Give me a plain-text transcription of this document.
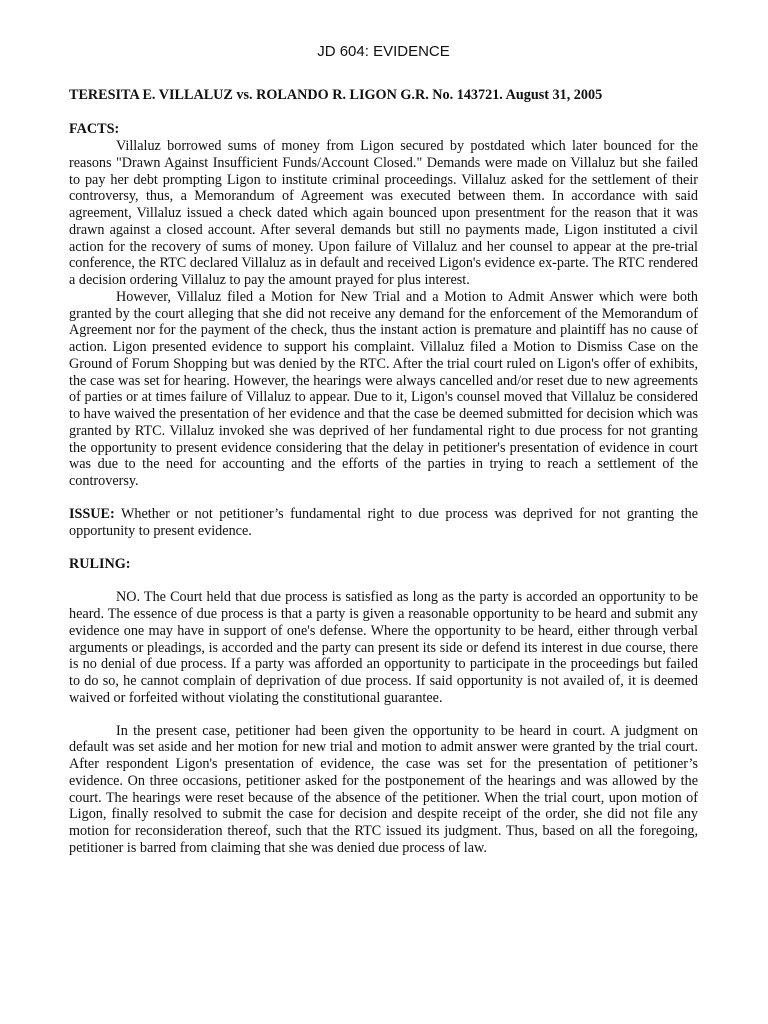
JD 604: EVIDENCE
TERESITA E. VILLALUZ vs. ROLANDO R. LIGON G.R. No. 143721. August 31, 2005
FACTS:

Villaluz borrowed sums of money from Ligon secured by postdated which later bounced for the reasons "Drawn Against Insufficient Funds/Account Closed." Demands were made on Villaluz but she failed to pay her debt prompting Ligon to institute criminal proceedings. Villaluz asked for the settlement of their controversy, thus, a Memorandum of Agreement was executed between them. In accordance with said agreement, Villaluz issued a check dated which again bounced upon presentment for the reason that it was drawn against a closed account. After several demands but still no payments made, Ligon instituted a civil action for the recovery of sums of money. Upon failure of Villaluz and her counsel to appear at the pre-trial conference, the RTC declared Villaluz as in default and received Ligon's evidence ex-parte. The RTC rendered a decision ordering Villaluz to pay the amount prayed for plus interest.

However, Villaluz filed a Motion for New Trial and a Motion to Admit Answer which were both granted by the court alleging that she did not receive any demand for the enforcement of the Memorandum of Agreement nor for the payment of the check, thus the instant action is premature and plaintiff has no cause of action. Ligon presented evidence to support his complaint. Villaluz filed a Motion to Dismiss Case on the Ground of Forum Shopping but was denied by the RTC. After the trial court ruled on Ligon's offer of exhibits, the case was set for hearing. However, the hearings were always cancelled and/or reset due to new agreements of parties or at times failure of Villaluz to appear. Due to it, Ligon's counsel moved that Villaluz be considered to have waived the presentation of her evidence and that the case be deemed submitted for decision which was granted by RTC. Villaluz invoked she was deprived of her fundamental right to due process for not granting the opportunity to present evidence considering that the delay in petitioner's presentation of evidence in court was due to the need for accounting and the efforts of the parties in trying to reach a settlement of the controversy.

ISSUE: Whether or not petitioner’s fundamental right to due process was deprived for not granting the opportunity to present evidence.

RULING:

NO. The Court held that due process is satisfied as long as the party is accorded an opportunity to be heard. The essence of due process is that a party is given a reasonable opportunity to be heard and submit any evidence one may have in support of one's defense. Where the opportunity to be heard, either through verbal arguments or pleadings, is accorded and the party can present its side or defend its interest in due course, there is no denial of due process. If a party was afforded an opportunity to participate in the proceedings but failed to do so, he cannot complain of deprivation of due process. If said opportunity is not availed of, it is deemed waived or forfeited without violating the constitutional guarantee.

In the present case, petitioner had been given the opportunity to be heard in court. A judgment on default was set aside and her motion for new trial and motion to admit answer were granted by the trial court. After respondent Ligon's presentation of evidence, the case was set for the presentation of petitioner’s evidence. On three occasions, petitioner asked for the postponement of the hearings and was allowed by the court. The hearings were reset because of the absence of the petitioner. When the trial court, upon motion of Ligon, finally resolved to submit the case for decision and despite receipt of the order, she did not file any motion for reconsideration thereof, such that the RTC issued its judgment. Thus, based on all the foregoing, petitioner is barred from claiming that she was denied due process of law.
